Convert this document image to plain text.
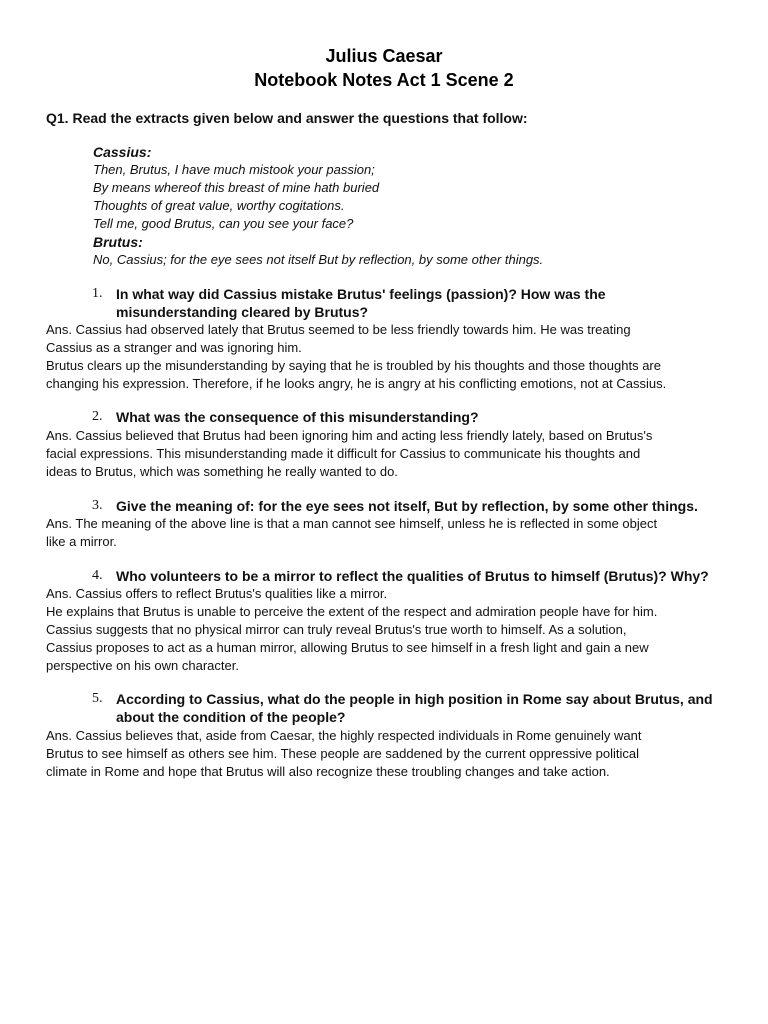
Julius Caesar
Notebook Notes Act 1 Scene 2
Q1. Read the extracts given below and answer the questions that follow:
Cassius:
Then, Brutus, I have much mistook your passion;
By means whereof this breast of mine hath buried
Thoughts of great value, worthy cogitations.
Tell me, good Brutus, can you see your face?
Brutus:
No, Cassius; for the eye sees not itself But by reflection, by some other things.
1. In what way did Cassius mistake Brutus' feelings (passion)? How was the misunderstanding cleared by Brutus?
Ans. Cassius had observed lately that Brutus seemed to be less friendly towards him. He was treating
Cassius as a stranger and was ignoring him.
Brutus clears up the misunderstanding by saying that he is troubled by his thoughts and those thoughts are
changing his expression. Therefore, if he looks angry, he is angry at his conflicting emotions, not at Cassius.
2. What was the consequence of this misunderstanding?
Ans. Cassius believed that Brutus had been ignoring him and acting less friendly lately, based on Brutus's
facial expressions. This misunderstanding made it difficult for Cassius to communicate his thoughts and
ideas to Brutus, which was something he really wanted to do.
3. Give the meaning of: for the eye sees not itself, But by reflection, by some other things.
Ans. The meaning of the above line is that a man cannot see himself, unless he is reflected in some object
like a mirror.
4. Who volunteers to be a mirror to reflect the qualities of Brutus to himself (Brutus)? Why?
Ans. Cassius offers to reflect Brutus's qualities like a mirror.
He explains that Brutus is unable to perceive the extent of the respect and admiration people have for him.
Cassius suggests that no physical mirror can truly reveal Brutus's true worth to himself. As a solution,
Cassius proposes to act as a human mirror, allowing Brutus to see himself in a fresh light and gain a new
perspective on his own character.
5. According to Cassius, what do the people in high position in Rome say about Brutus, and about the condition of the people?
Ans. Cassius believes that, aside from Caesar, the highly respected individuals in Rome genuinely want
Brutus to see himself as others see him. These people are saddened by the current oppressive political
climate in Rome and hope that Brutus will also recognize these troubling changes and take action.
